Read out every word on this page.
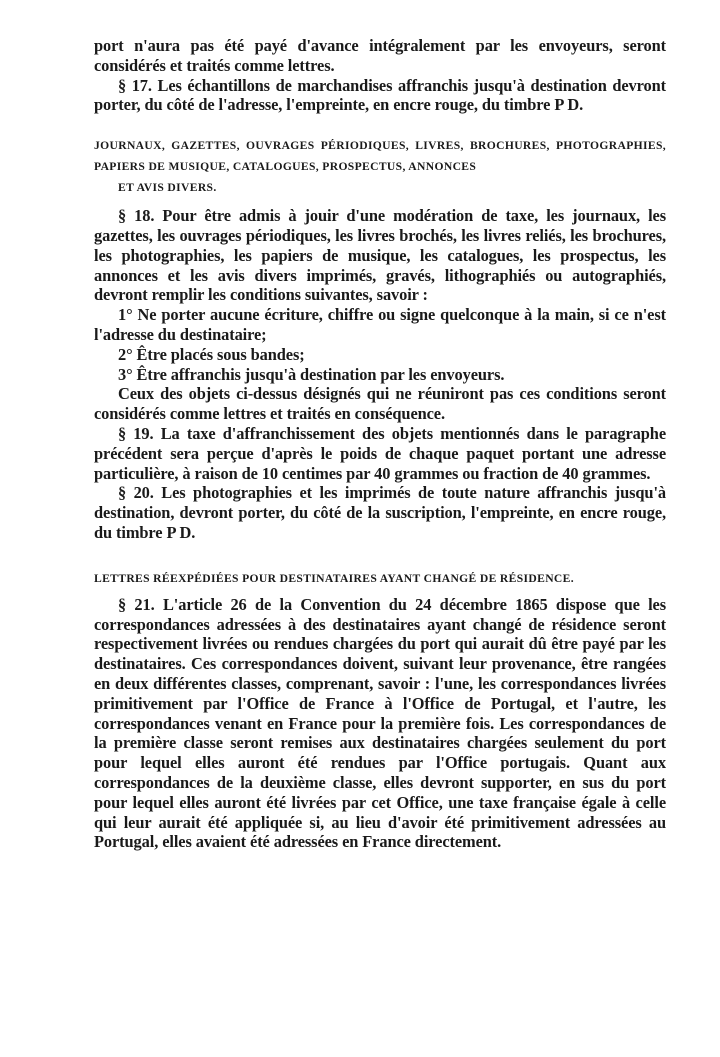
port n'aura pas été payé d'avance intégralement par les envoyeurs, seront considérés et traités comme lettres.

§ 17. Les échantillons de marchandises affranchis jusqu'à destination devront porter, du côté de l'adresse, l'empreinte, en encre rouge, du timbre P D.

JOURNAUX, GAZETTES, OUVRAGES PÉRIODIQUES, LIVRES, BROCHURES, PHOTOGRAPHIES, PAPIERS DE MUSIQUE, CATALOGUES, PROSPECTUS, ANNONCES
ET AVIS DIVERS.

§ 18. Pour être admis à jouir d'une modération de taxe, les journaux, les gazettes, les ouvrages périodiques, les livres brochés, les livres reliés, les brochures, les photographies, les papiers de musique, les catalogues, les prospectus, les annonces et les avis divers imprimés, gravés, lithographiés ou autographiés, devront remplir les conditions suivantes, savoir :

1° Ne porter aucune écriture, chiffre ou signe quelconque à la main, si ce n'est l'adresse du destinataire;

2° Être placés sous bandes;

3° Être affranchis jusqu'à destination par les envoyeurs.

Ceux des objets ci-dessus désignés qui ne réuniront pas ces conditions seront considérés comme lettres et traités en conséquence.

§ 19. La taxe d'affranchissement des objets mentionnés dans le paragraphe précédent sera perçue d'après le poids de chaque paquet portant une adresse particulière, à raison de 10 centimes par 40 grammes ou fraction de 40 grammes.

§ 20. Les photographies et les imprimés de toute nature affranchis jusqu'à destination, devront porter, du côté de la suscription, l'empreinte, en encre rouge, du timbre P D.

LETTRES RÉEXPÉDIÉES POUR DESTINATAIRES AYANT CHANGÉ DE RÉSIDENCE.

§ 21. L'article 26 de la Convention du 24 décembre 1865 dispose que les correspondances adressées à des destinataires ayant changé de résidence seront respectivement livrées ou rendues chargées du port qui aurait dû être payé par les destinataires. Ces correspondances doivent, suivant leur provenance, être rangées en deux différentes classes, comprenant, savoir : l'une, les correspondances livrées primitivement par l'Office de France à l'Office de Portugal, et l'autre, les correspondances venant en France pour la première fois. Les correspondances de la première classe seront remises aux destinataires chargées seulement du port pour lequel elles auront été rendues par l'Office portugais. Quant aux correspondances de la deuxième classe, elles devront supporter, en sus du port pour lequel elles auront été livrées par cet Office, une taxe française égale à celle qui leur aurait été appliquée si, au lieu d'avoir été primitivement adressées au Portugal, elles avaient été adressées en France directement.
